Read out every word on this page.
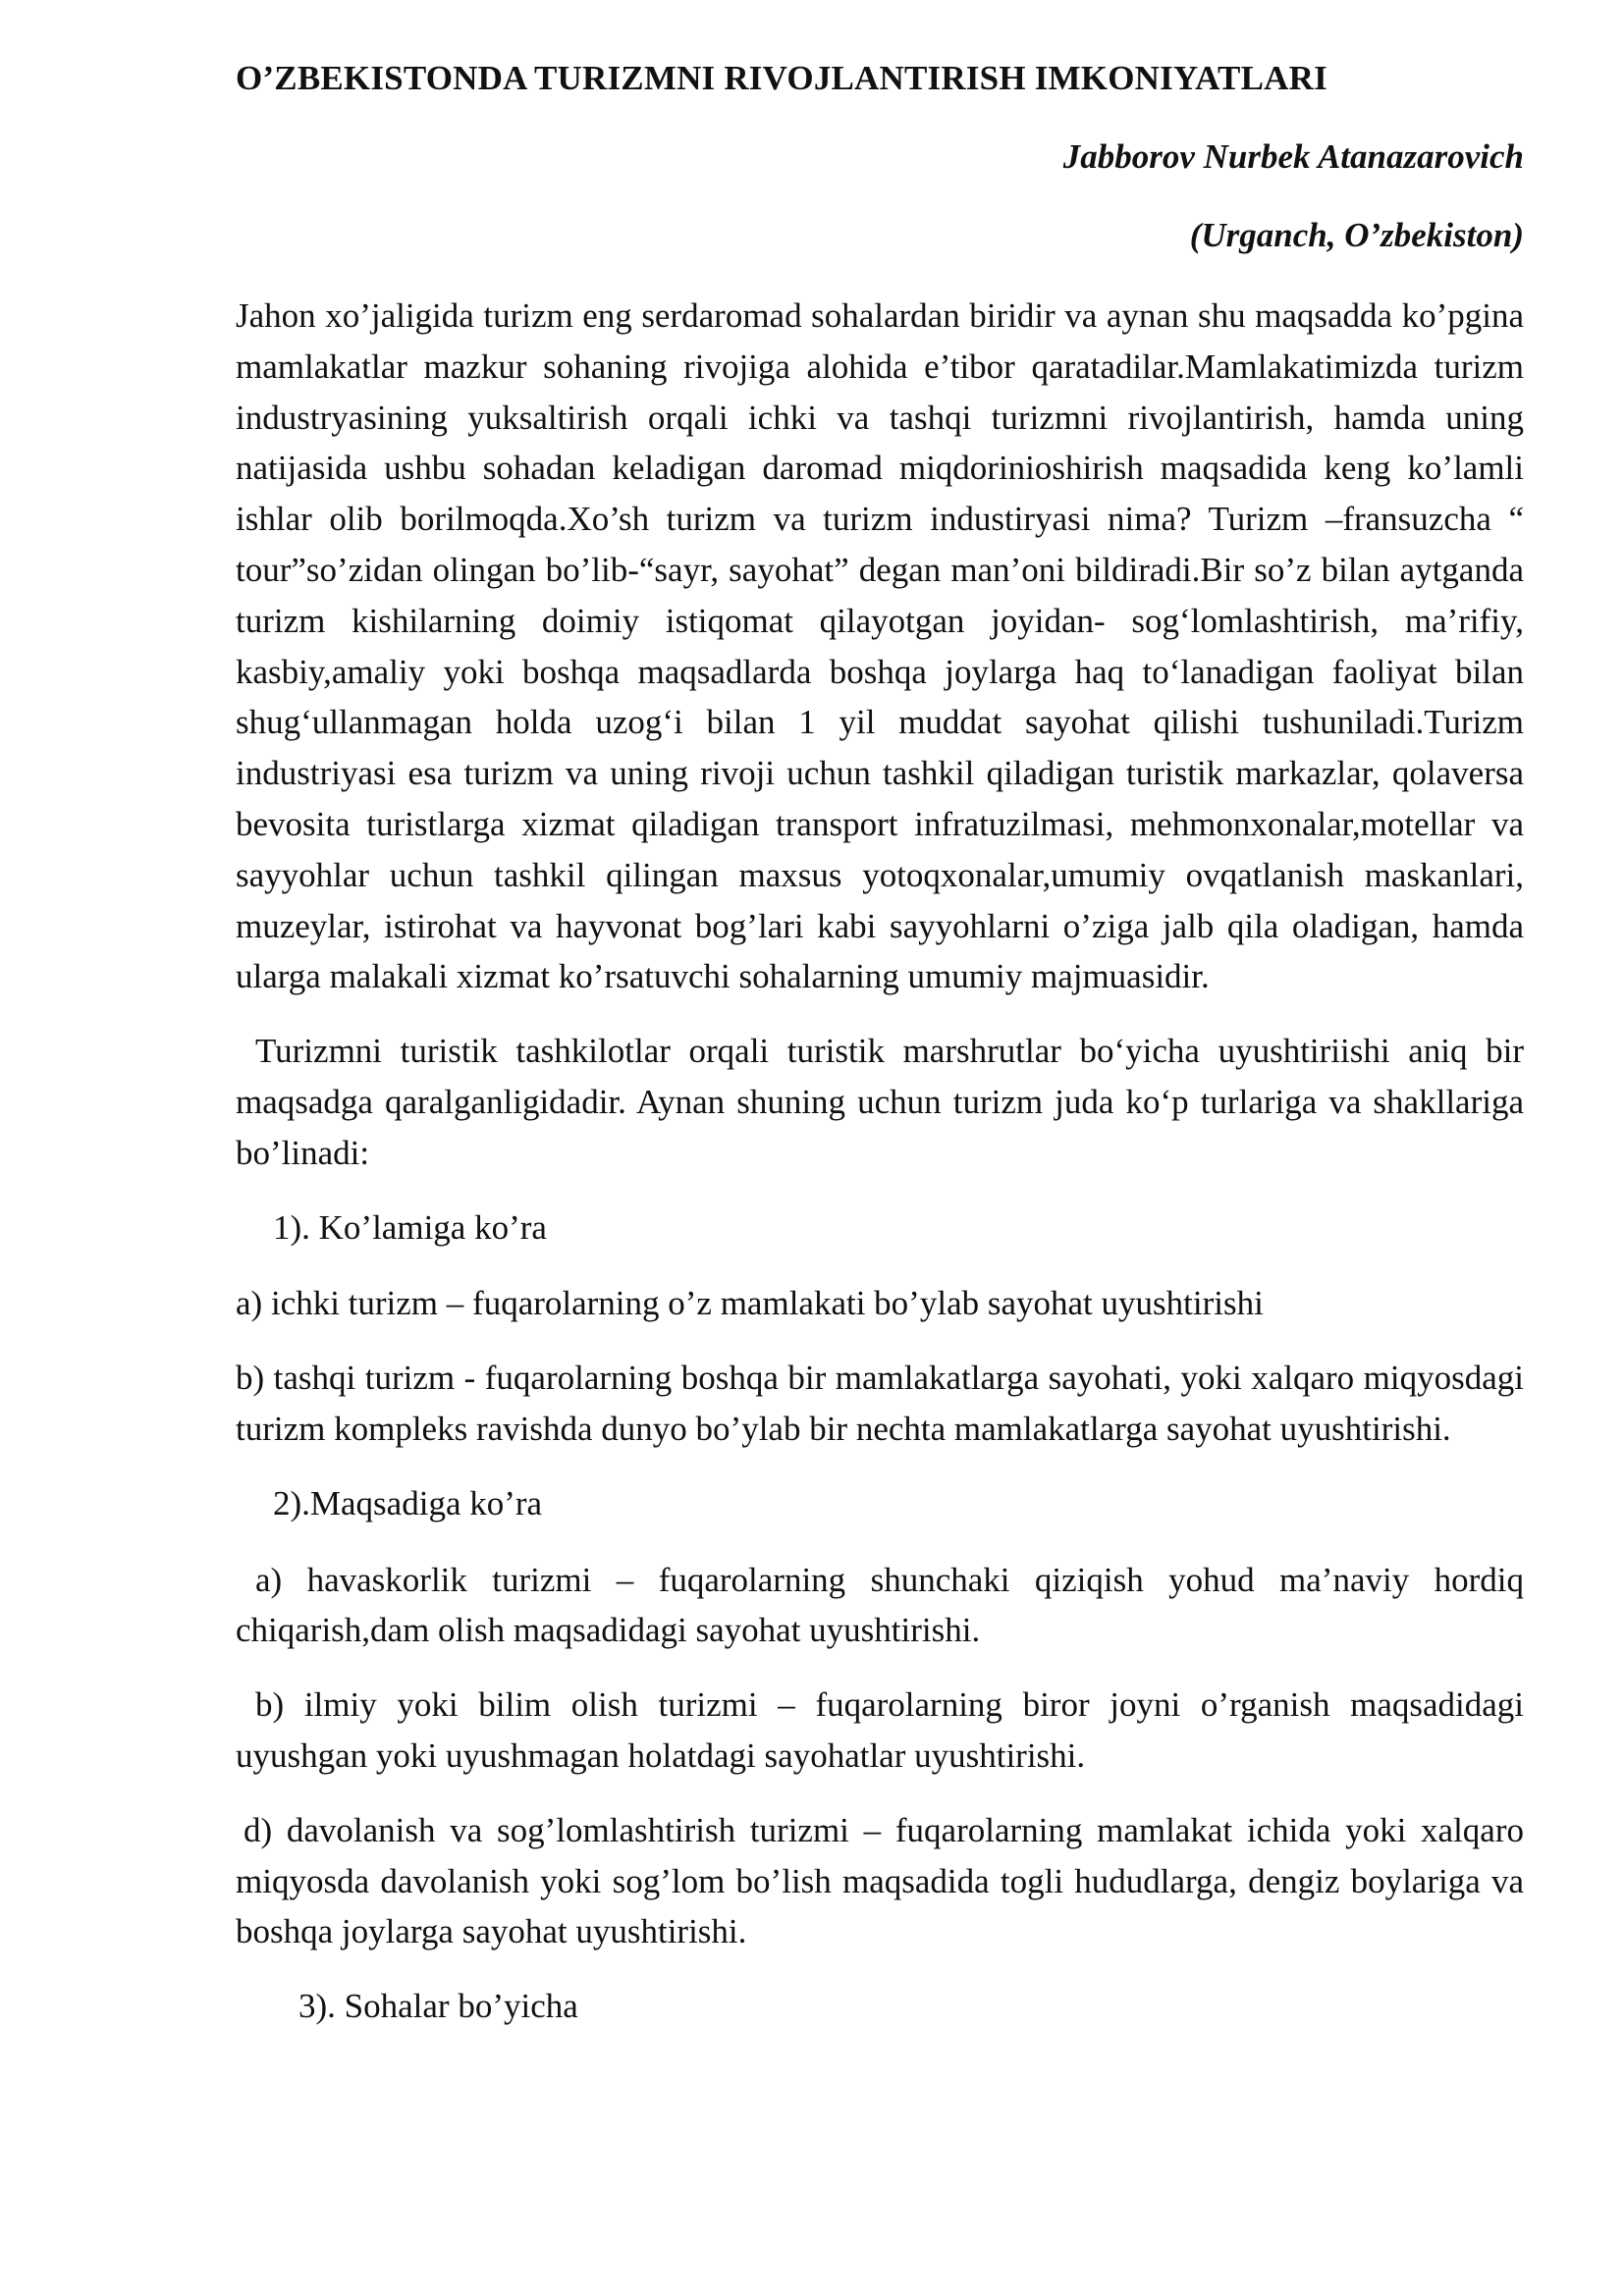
O’ZBEKISTONDA TURIZMNI RIVOJLANTIRISH IMKONIYATLARI
Jabborov Nurbek Atanazarovich
(Urganch, O’zbekiston)

Jahon xo’jaligida turizm eng serdaromad sohalardan biridir va aynan shu maqsadda ko’pgina mamlakatlar mazkur sohaning rivojiga alohida e’tibor qaratadilar.Mamlakatimizda turizm industryasining yuksaltirish orqali ichki va tashqi turizmni rivojlantirish, hamda uning natijasida ushbu sohadan keladigan daromad miqdorinioshirish maqsadida keng ko’lamli ishlar olib borilmoqda.Xo’sh turizm va turizm industiryasi nima? Turizm –fransuzcha “ tour”so’zidan olingan bo’lib-“sayr, sayohat” degan man’oni bildiradi.Bir so’z bilan aytganda turizm kishilarning doimiy istiqomat qilayotgan joyidan- sog‘lomlashtirish, ma’rifiy, kasbiy,amaliy yoki boshqa maqsadlarda boshqa joylarga haq to‘lanadigan faoliyat bilan shug‘ullanmagan holda uzog‘i bilan 1 yil muddat sayohat qilishi tushuniladi.Turizm industriyasi esa turizm va uning rivoji uchun tashkil qiladigan turistik markazlar, qolaversa bevosita turistlarga xizmat qiladigan transport infratuzilmasi, mehmonxonalar,motellar va sayyohlar uchun tashkil qilingan maxsus yotoqxonalar,umumiy ovqatlanish maskanlari, muzeylar, istirohat va hayvonat bog’lari kabi sayyohlarni o’ziga jalb qila oladigan, hamda ularga malakali xizmat ko’rsatuvchi sohalarning umumiy majmuasidir.

Turizmni turistik tashkilotlar orqali turistik marshrutlar bo‘yicha uyushtiriishi aniq bir maqsadga qaralganligidadir. Aynan shuning uchun turizm juda ko‘p turlariga va shakllariga bo’linadi:

1). Ko’lamiga ko’ra

a) ichki turizm – fuqarolarning o’z mamlakati bo’ylab sayohat uyushtirishi

b) tashqi turizm - fuqarolarning boshqa bir mamlakatlarga sayohati, yoki xalqaro miqyosdagi turizm kompleks ravishda dunyo bo’ylab bir nechta mamlakatlarga sayohat uyushtirishi.

2).Maqsadiga ko’ra

a) havaskorlik turizmi – fuqarolarning shunchaki qiziqish yohud ma’naviy hordiq chiqarish,dam olish maqsadidagi sayohat uyushtirishi.

b) ilmiy yoki bilim olish turizmi – fuqarolarning biror joyni o’rganish maqsadidagi uyushgan yoki uyushmagan holatdagi sayohatlar uyushtirishi.

d) davolanish va sog’lomlashtirish turizmi – fuqarolarning mamlakat ichida yoki xalqaro miqyosda davolanish yoki sog’lom bo’lish maqsadida togli hududlarga, dengiz boylariga va boshqa joylarga sayohat uyushtirishi.

3). Sohalar bo’yicha
